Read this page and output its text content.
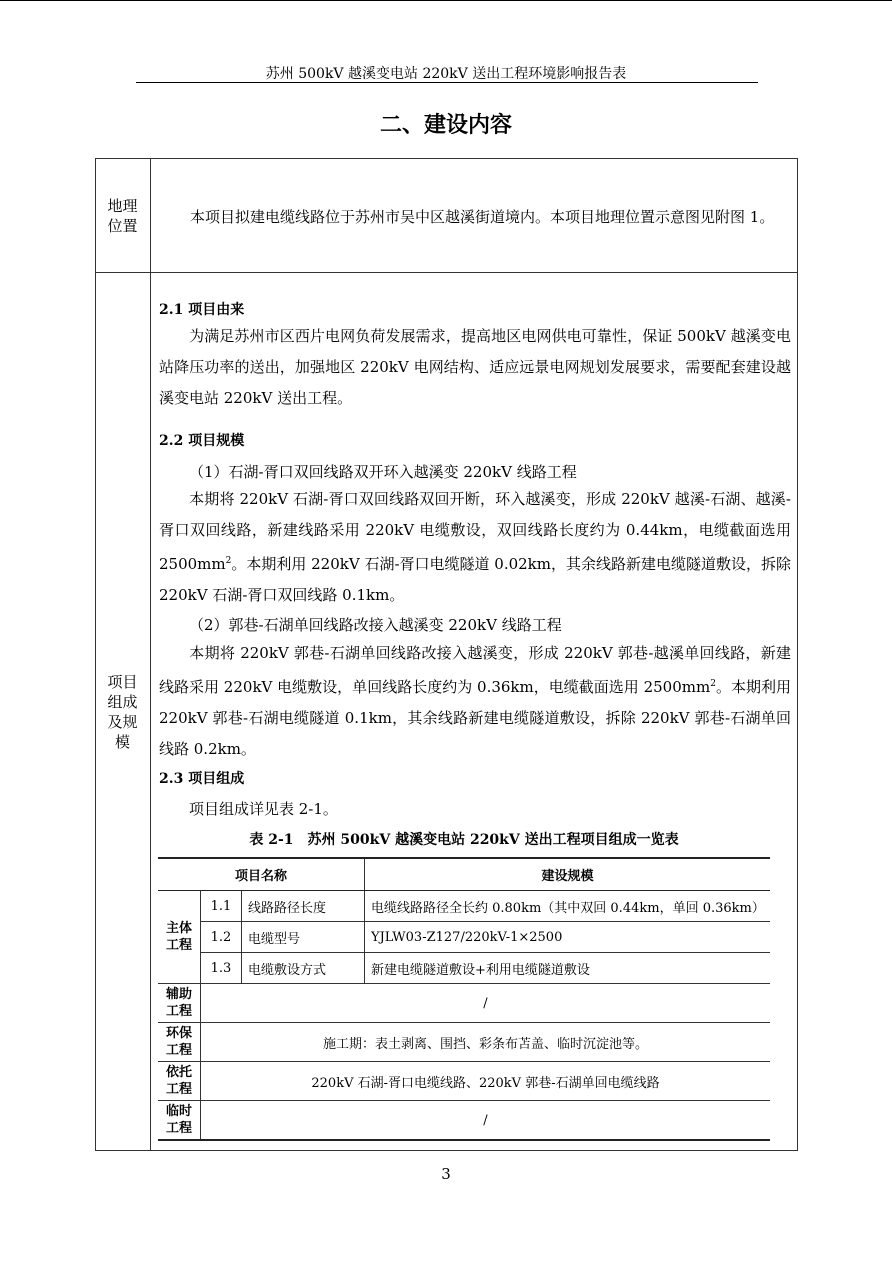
苏州 500kV 越溪变电站 220kV 送出工程环境影响报告表
二、建设内容
地理
位置	本项目拟建电缆线路位于苏州市吴中区越溪街道境内。本项目地理位置示意图见附图 1。
项目
组成
及规
模
2.1 项目由来
为满足苏州市区西片电网负荷发展需求，提高地区电网供电可靠性，保证 500kV 越溪变电站降压功率的送出，加强地区 220kV 电网结构、适应远景电网规划发展要求，需要配套建设越溪变电站 220kV 送出工程。
2.2 项目规模
（1）石湖-胥口双回线路双开环入越溪变 220kV 线路工程
本期将 220kV 石湖-胥口双回线路双回开断，环入越溪变，形成 220kV 越溪-石湖、越溪-胥口双回线路，新建线路采用 220kV 电缆敷设，双回线路长度约为 0.44km，电缆截面选用 $2500mm^2$。本期利用 220kV 石湖-胥口电缆隧道 0.02km，其余线路新建电缆隧道敷设，拆除 220kV 石湖-胥口双回线路 0.1km。
（2）郭巷-石湖单回线路改接入越溪变 220kV 线路工程
本期将 220kV 郭巷-石湖单回线路改接入越溪变，形成 220kV 郭巷-越溪单回线路，新建线路采用 220kV 电缆敷设，单回线路长度约为 0.36km，电缆截面选用 $2500mm^2$。本期利用 220kV 郭巷-石湖电缆隧道 0.1km，其余线路新建电缆隧道敷设，拆除 220kV 郭巷-石湖单回线路 0.2km。
2.3 项目组成
项目组成详见表 2-1。
表 2-1　苏州 500kV 越溪变电站 220kV 送出工程项目组成一览表
项目名称			建设规模
主体
工程	1.1	线路路径长度	电缆线路路径全长约 0.80km（其中双回 0.44km，单回 0.36km）
	1.2	电缆型号	YJLW03-Z127/220kV-1×2500
	1.3	电缆敷设方式	新建电缆隧道敷设+利用电缆隧道敷设
辅助
工程	/		
环保
工程	施工期：表土剥离、围挡、彩条布苫盖、临时沉淀池等。		
依托
工程	220kV 石湖-胥口电缆线路、220kV 郭巷-石湖单回电缆线路		
临时
工程	/		
3
